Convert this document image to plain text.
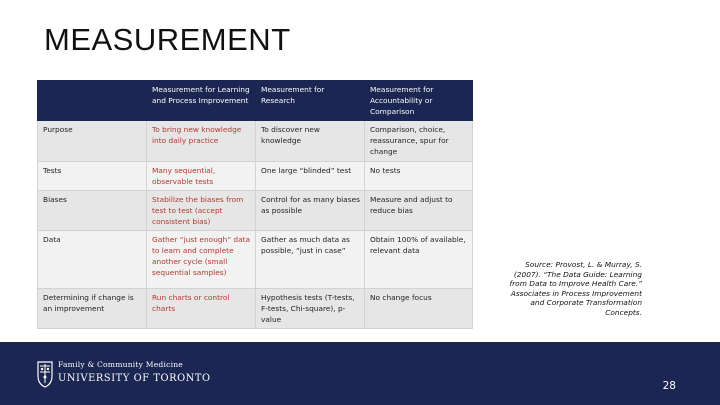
MEASUREMENT
	Measurement for Learning and Process Improvement	Measurement for Research	Measurement for Accountability or Comparison
Purpose	To bring new knowledge into daily practice	To discover new knowledge	Comparison, choice, reassurance, spur for change
Tests	Many sequential, observable tests	One large “blinded” test	No tests
Biases	Stabilize the biases from test to test (accept consistent bias)	Control for as many biases as possible	Measure and adjust to reduce bias
Data	Gather “just enough” data to learn and complete another cycle (small sequential samples)	Gather as much data as possible, “just in case”	Obtain 100% of available, relevant data
Determining if change is an improvement	Run charts or control charts	Hypothesis tests (T-tests, F-tests, Chi-square), p-value	No change focus
Source: Provost, L. & Murray, S. (2007). “The Data Guide: Learning from Data to Improve Health Care.” Associates in Process Improvement and Corporate Transformation Concepts.
Family & Community Medicine
UNIVERSITY OF TORONTO
28
